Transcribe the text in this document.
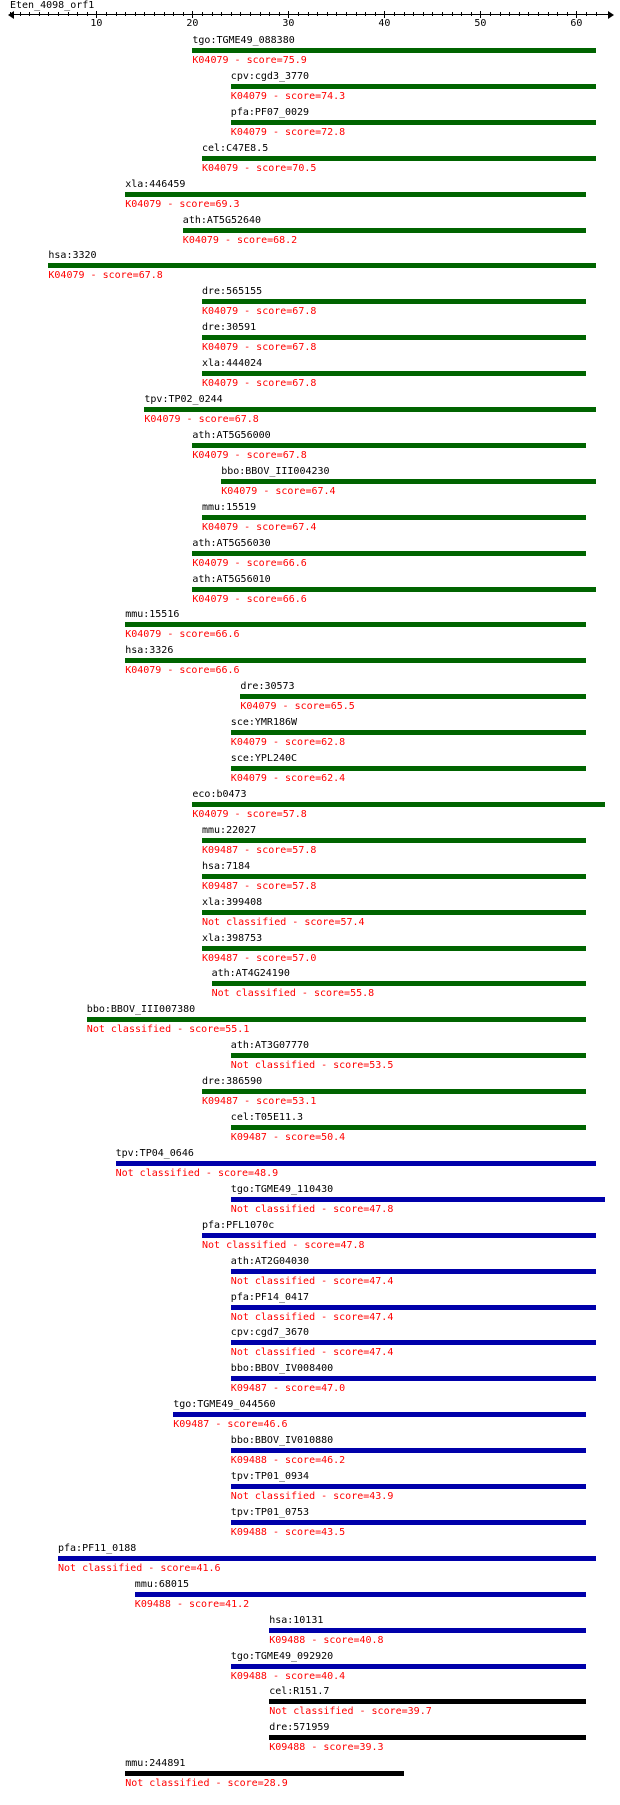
Eten_4098_orf1
10	20	30	40	50	60
tgo:TGME49_088380
K04079 - score=75.9
cpv:cgd3_3770
K04079 - score=74.3
pfa:PF07_0029
K04079 - score=72.8
cel:C47E8.5
K04079 - score=70.5
xla:446459
K04079 - score=69.3
ath:AT5G52640
K04079 - score=68.2
hsa:3320
K04079 - score=67.8
dre:565155
K04079 - score=67.8
dre:30591
K04079 - score=67.8
xla:444024
K04079 - score=67.8
tpv:TP02_0244
K04079 - score=67.8
ath:AT5G56000
K04079 - score=67.8
bbo:BBOV_III004230
K04079 - score=67.4
mmu:15519
K04079 - score=67.4
ath:AT5G56030
K04079 - score=66.6
ath:AT5G56010
K04079 - score=66.6
mmu:15516
K04079 - score=66.6
hsa:3326
K04079 - score=66.6
dre:30573
K04079 - score=65.5
sce:YMR186W
K04079 - score=62.8
sce:YPL240C
K04079 - score=62.4
eco:b0473
K04079 - score=57.8
mmu:22027
K09487 - score=57.8
hsa:7184
K09487 - score=57.8
xla:399408
Not classified - score=57.4
xla:398753
K09487 - score=57.0
ath:AT4G24190
Not classified - score=55.8
bbo:BBOV_III007380
Not classified - score=55.1
ath:AT3G07770
Not classified - score=53.5
dre:386590
K09487 - score=53.1
cel:T05E11.3
K09487 - score=50.4
tpv:TP04_0646
Not classified - score=48.9
tgo:TGME49_110430
Not classified - score=47.8
pfa:PFL1070c
Not classified - score=47.8
ath:AT2G04030
Not classified - score=47.4
pfa:PF14_0417
Not classified - score=47.4
cpv:cgd7_3670
Not classified - score=47.4
bbo:BBOV_IV008400
K09487 - score=47.0
tgo:TGME49_044560
K09487 - score=46.6
bbo:BBOV_IV010880
K09488 - score=46.2
tpv:TP01_0934
Not classified - score=43.9
tpv:TP01_0753
K09488 - score=43.5
pfa:PF11_0188
Not classified - score=41.6
mmu:68015
K09488 - score=41.2
hsa:10131
K09488 - score=40.8
tgo:TGME49_092920
K09488 - score=40.4
cel:R151.7
Not classified - score=39.7
dre:571959
K09488 - score=39.3
mmu:244891
Not classified - score=28.9
